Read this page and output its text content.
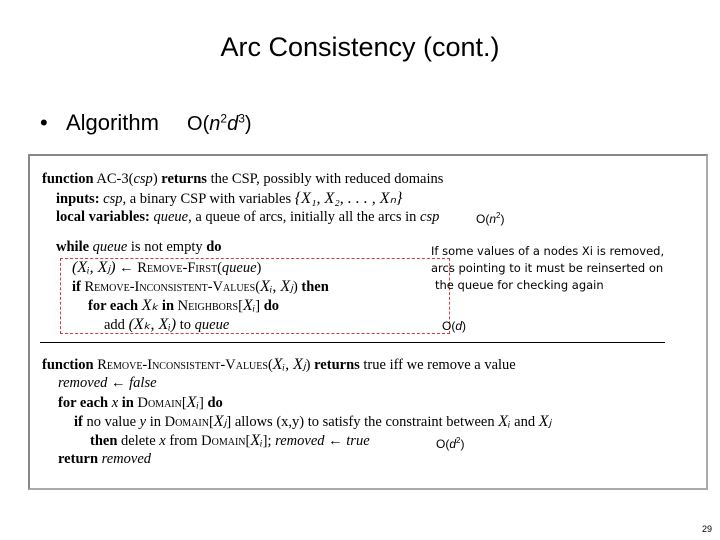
Arc Consistency (cont.)
• Algorithm $O(n^2d^3)$
function AC-3(csp) returns the CSP, possibly with reduced domains
inputs: csp, a binary CSP with variables {X₁, X₂, . . . , Xₙ}
local variables: queue, a queue of arcs, initially all the arcs in csp	$O(n^2)$
while queue is not empty do
(Xᵢ, Xⱼ) ← Remove-First(queue)
if Remove-Inconsistent-Values(Xᵢ, Xⱼ) then
for each Xₖ in Neighbors[Xᵢ] do
add (Xₖ, Xᵢ) to queue
If some values of a nodes Xi is removed,
arcs pointing to it must be reinserted on
the queue for checking again
O(d)
function Remove-Inconsistent-Values(Xᵢ, Xⱼ) returns true iff we remove a value
removed ← false
for each x in Domain[Xᵢ] do
if no value y in Domain[Xⱼ] allows (x,y) to satisfy the constraint between Xᵢ and Xⱼ
then delete x from Domain[Xᵢ]; removed ← true
return removed
$O(d^2)$
29
